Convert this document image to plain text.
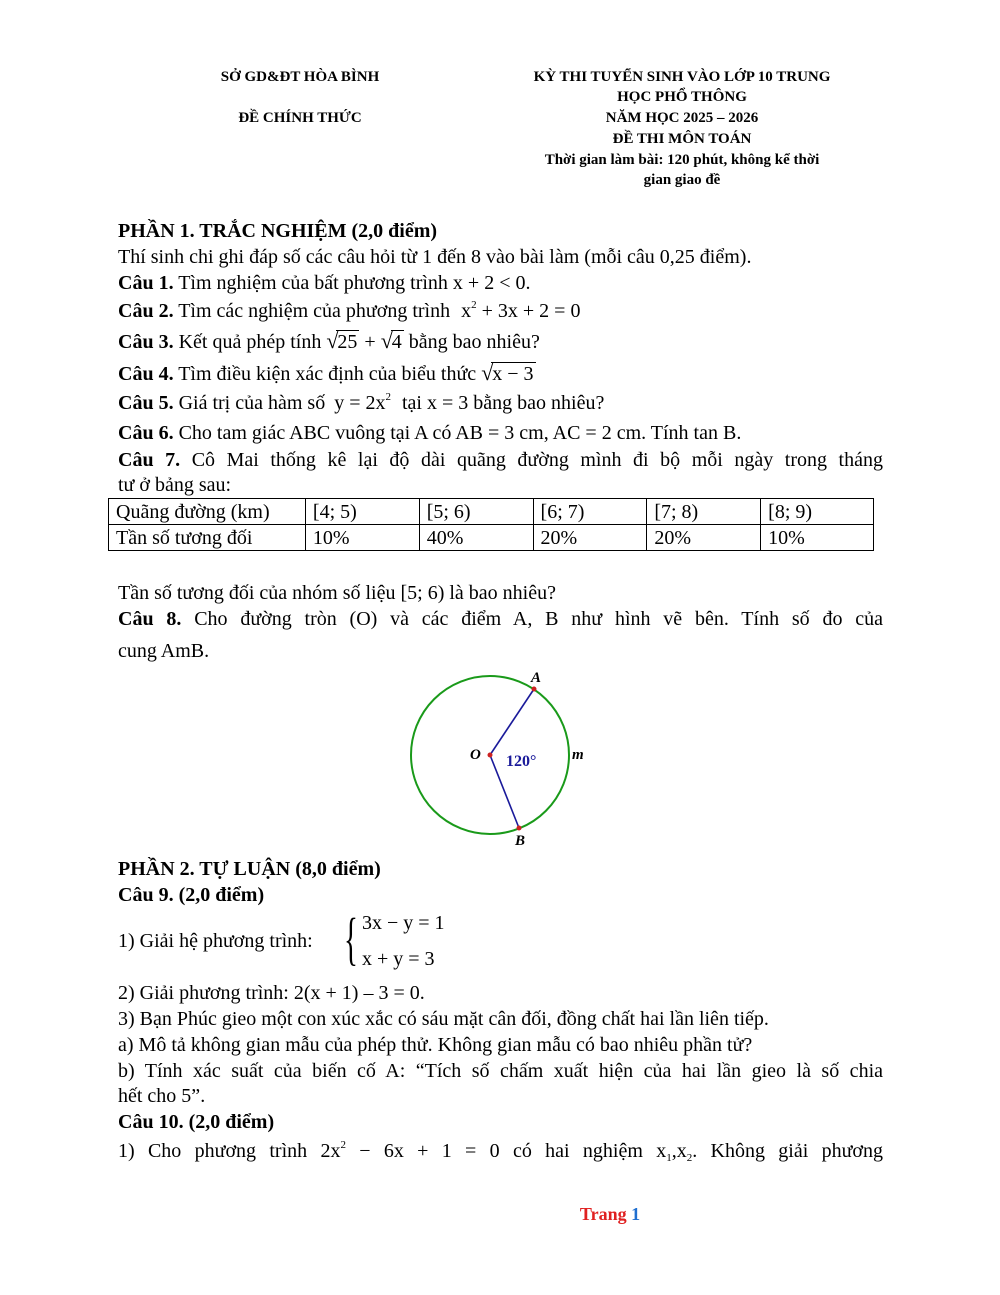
SỞ GD&ĐT HÒA BÌNH
ĐỀ CHÍNH THỨC
KỲ THI TUYỂN SINH VÀO LỚP 10 TRUNG
HỌC PHỔ THÔNG
NĂM HỌC 2025 – 2026
ĐỀ THI MÔN TOÁN
Thời gian làm bài: 120 phút, không kể thời
gian giao đề
PHẦN 1. TRẮC NGHIỆM (2,0 điểm)
Thí sinh chi ghi đáp số các câu hỏi từ 1 đến 8 vào bài làm (mỗi câu 0,25 điểm).
Câu 1. Tìm nghiệm của bất phương trình x + 2 < 0.
Câu 2. Tìm các nghiệm của phương trình $x^2 + 3x + 2 = 0$
Câu 3. Kết quả phép tính √25 + √4 bằng bao nhiêu?
Câu 4. Tìm điều kiện xác định của biểu thức √x − 3
Câu 5. Giá trị của hàm số $y = 2x^2$ tại x = 3 bằng bao nhiêu?
Câu 6. Cho tam giác ABC vuông tại A có AB = 3 cm, AC = 2 cm. Tính tan B.
Câu 7. Cô Mai thống kê lại độ dài quãng đường mình đi bộ mỗi ngày trong tháng
tư ở bảng sau:
Quãng đường (km)	[4; 5)	[5; 6)	[6; 7)	[7; 8)	[8; 9)
Tần số tương đối	10%	40%	20%	20%	10%
Tần số tương đối của nhóm số liệu [5; 6) là bao nhiêu?
Câu 8. Cho đường tròn (O) và các điểm A, B như hình vẽ bên. Tính số đo của
cung AmB.
A
O
B
m
120°
PHẦN 2. TỰ LUẬN (8,0 điểm)
Câu 9. (2,0 điểm)
1) Giải hệ phương trình: { 3x − y = 1
x + y = 3
2) Giải phương trình: 2(x + 1) – 3 = 0.
3) Bạn Phúc gieo một con xúc xắc có sáu mặt cân đối, đồng chất hai lần liên tiếp.
a) Mô tả không gian mẫu của phép thử. Không gian mẫu có bao nhiêu phần tử?
b) Tính xác suất của biến cố A: “Tích số chấm xuất hiện của hai lần gieo là số chia
hết cho 5”.
Câu 10. (2,0 điểm)
1) Cho phương trình $2x^2 - 6x + 1 = 0$ có hai nghiệm $x_1,x_2$. Không giải phương
Trang 1
